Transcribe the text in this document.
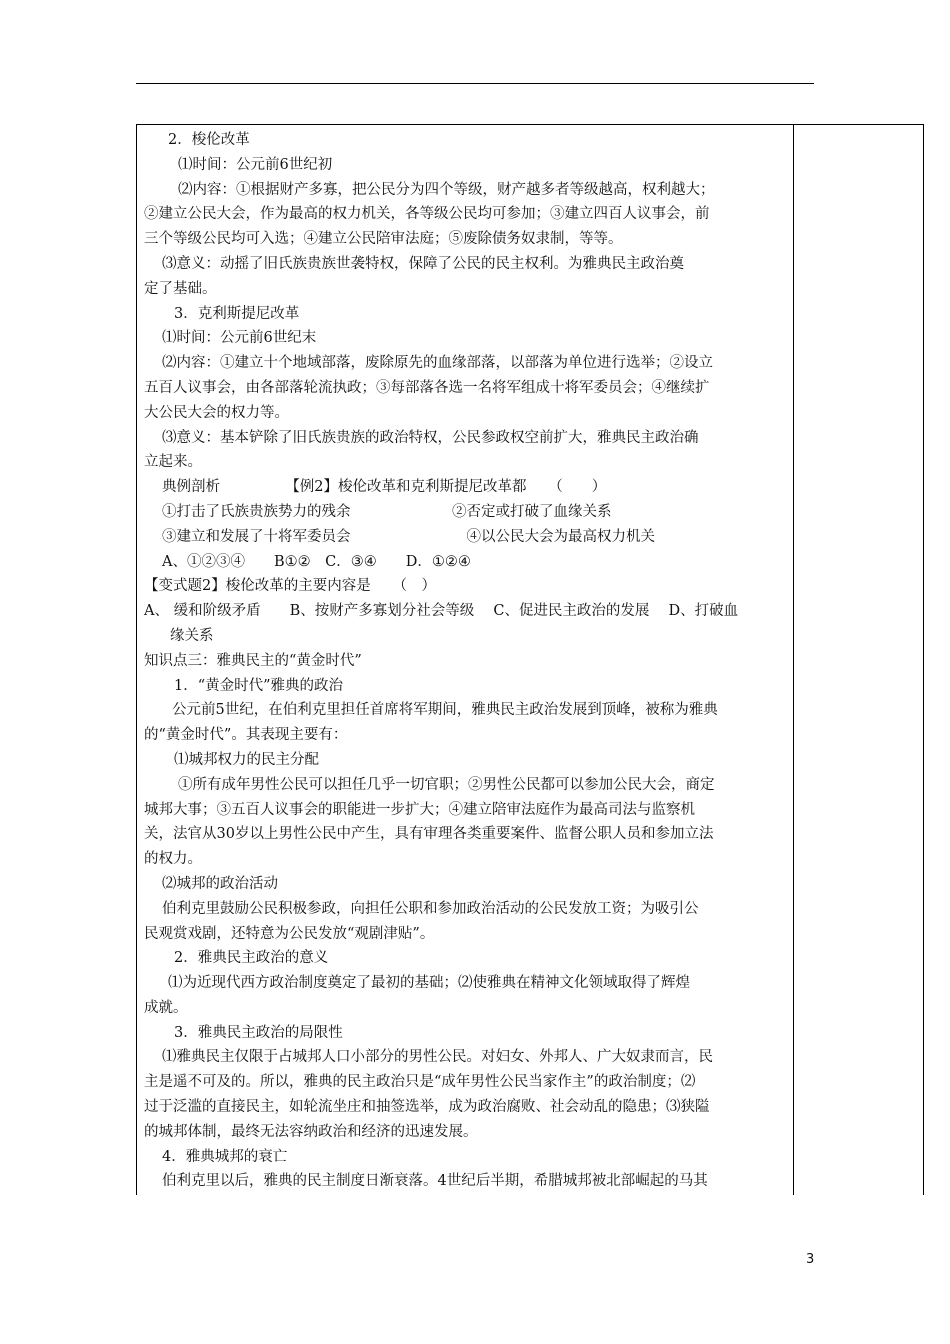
2．梭伦改革
⑴时间：公元前6世纪初
⑵内容：①根据财产多寡，把公民分为四个等级，财产越多者等级越高，权利越大；
②建立公民大会，作为最高的权力机关，各等级公民均可参加；③建立四百人议事会，前
三个等级公民均可入选；④建立公民陪审法庭；⑤废除债务奴隶制，等等。
⑶意义：动摇了旧氏族贵族世袭特权，保障了公民的民主权利。为雅典民主政治奠
定了基础。
3．克利斯提尼改革
⑴时间：公元前6世纪末
⑵内容：①建立十个地域部落，废除原先的血缘部落，以部落为单位进行选举；②设立
五百人议事会，由各部落轮流执政；③每部落各选一名将军组成十将军委员会；④继续扩
大公民大会的权力等。
⑶意义：基本铲除了旧氏族贵族的政治特权，公民参政权空前扩大，雅典民主政治确
立起来。
典例剖析　　　　　【例2】梭伦改革和克利斯提尼改革都　　（　　）
①打击了氏族贵族势力的残余　　　　　　　②否定或打破了血缘关系
③建立和发展了十将军委员会　　　　　　　　④以公民大会为最高权力机关
A、①②③④　　B①②　C．③④　　D．①②④
【变式题2】梭伦改革的主要内容是　　（　）
A、 缓和阶级矛盾　　B、按财产多寡划分社会等级　 C、促进民主政治的发展　 D、打破血
缘关系
知识点三：雅典民主的“黄金时代”
1．“黄金时代”雅典的政治
公元前5世纪，在伯利克里担任首席将军期间，雅典民主政治发展到顶峰，被称为雅典
的“黄金时代”。其表现主要有：
⑴城邦权力的民主分配
①所有成年男性公民可以担任几乎一切官职；②男性公民都可以参加公民大会，商定
城邦大事；③五百人议事会的职能进一步扩大；④建立陪审法庭作为最高司法与监察机
关，法官从30岁以上男性公民中产生，具有审理各类重要案件、监督公职人员和参加立法
的权力。
⑵城邦的政治活动
伯利克里鼓励公民积极参政，向担任公职和参加政治活动的公民发放工资；为吸引公
民观赏戏剧，还特意为公民发放“观剧津贴”。
2．雅典民主政治的意义
⑴为近现代西方政治制度奠定了最初的基础；⑵使雅典在精神文化领域取得了辉煌
成就。
3．雅典民主政治的局限性
⑴雅典民主仅限于占城邦人口小部分的男性公民。对妇女、外邦人、广大奴隶而言，民
主是遥不可及的。所以，雅典的民主政治只是“成年男性公民当家作主”的政治制度；⑵
过于泛滥的直接民主，如轮流坐庄和抽签选举，成为政治腐败、社会动乱的隐患；⑶狭隘
的城邦体制，最终无法容纳政治和经济的迅速发展。
4．雅典城邦的衰亡
伯利克里以后，雅典的民主制度日渐衰落。4世纪后半期，希腊城邦被北部崛起的马其
3
